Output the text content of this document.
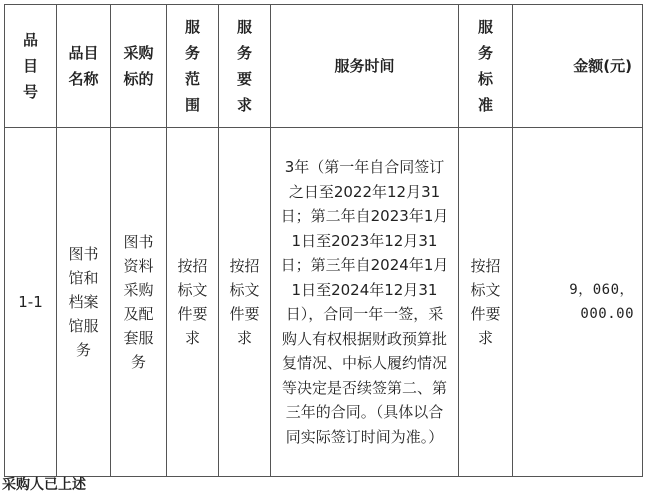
品目号	品目名称	采购标的	服务范围	服务要求	服务时间	服务标准	金额(元)
1-1	图书馆和档案馆服务	图书资料采购及配套服务	按招标文件要求	按招标文件要求	3年（第一年自合同签订之日至2022年12月31日；第二年自2023年1月1日至2023年12月31日；第三年自2024年1月1日至2024年12月31日），合同一年一签，采购人有权根据财政预算批复情况、中标人履约情况等决定是否续签第二、第三年的合同。（具体以合同实际签订时间为准。）	按招标文件要求	9，060，000.00
采购人已上述
